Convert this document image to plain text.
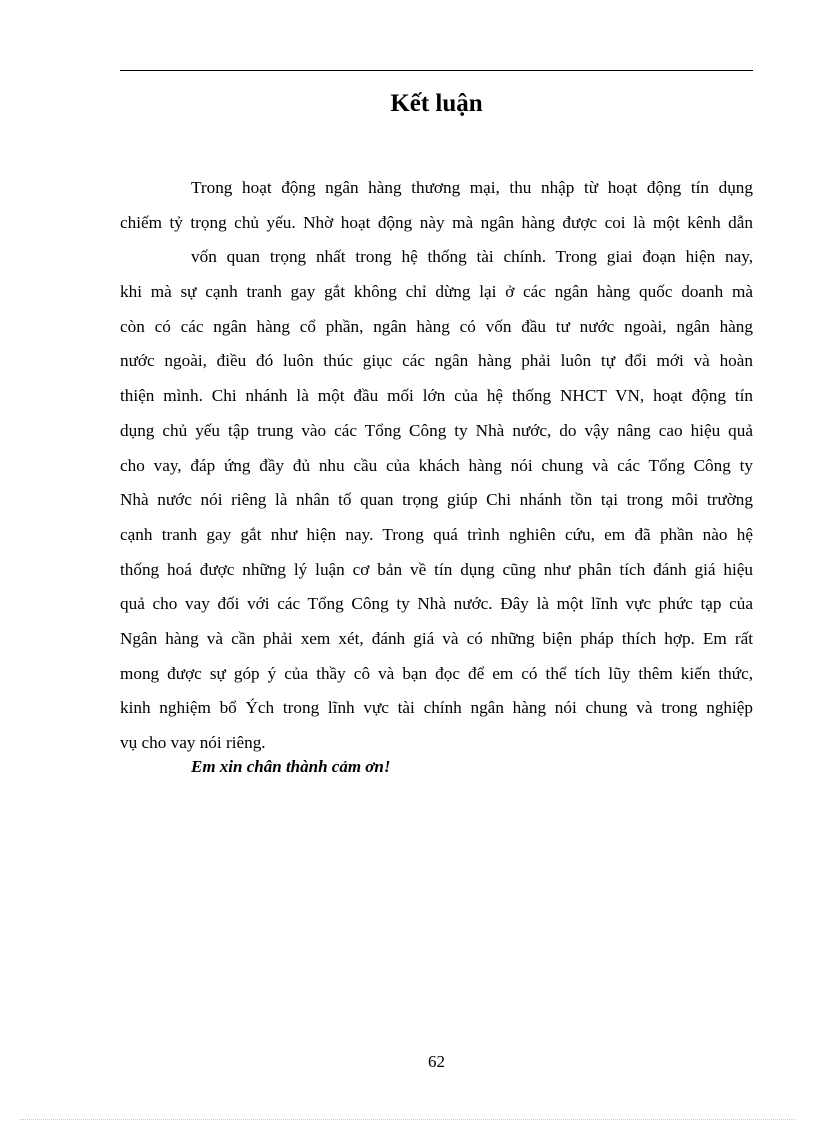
Kết luận
Trong hoạt động ngân hàng thương mại, thu nhập từ hoạt động tín dụng
chiếm tỷ trọng chủ yếu. Nhờ hoạt động này mà ngân hàng được coi là một kênh dẫn
vốn quan trọng nhất trong hệ thống tài chính. Trong giai đoạn hiện nay,
khi mà sự cạnh tranh gay gắt không chỉ dừng lại ở các ngân hàng quốc doanh mà
còn có các ngân hàng cổ phần, ngân hàng có vốn đầu tư nước ngoài, ngân hàng
nước ngoài, điều đó luôn thúc giục các ngân hàng phải luôn tự đổi mới và hoàn
thiện mình. Chi nhánh là một đầu mối lớn của hệ thống NHCT VN, hoạt động tín
dụng chủ yếu tập trung vào các Tổng Công ty Nhà nước, do vậy nâng cao hiệu quả
cho vay, đáp ứng đầy đủ nhu cầu của khách hàng nói chung và các Tổng Công ty
Nhà nước nói riêng là nhân tố quan trọng giúp Chi nhánh tồn tại trong môi trường
cạnh tranh gay gắt như hiện nay. Trong quá trình nghiên cứu, em đã phần nào hệ
thống hoá được những lý luận cơ bản về tín dụng cũng như phân tích đánh giá hiệu
quả cho vay đối với các Tổng Công ty Nhà nước. Đây là một lĩnh vực phức tạp của
Ngân hàng và cần phải xem xét, đánh giá và có những biện pháp thích hợp. Em rất
mong được sự góp ý của thầy cô và bạn đọc để em có thể tích lũy thêm kiến thức,
kinh nghiệm bổ Ých trong lĩnh vực tài chính ngân hàng nói chung và trong nghiệp
vụ cho vay nói riêng.
Em xin chân thành cảm ơn!
62
